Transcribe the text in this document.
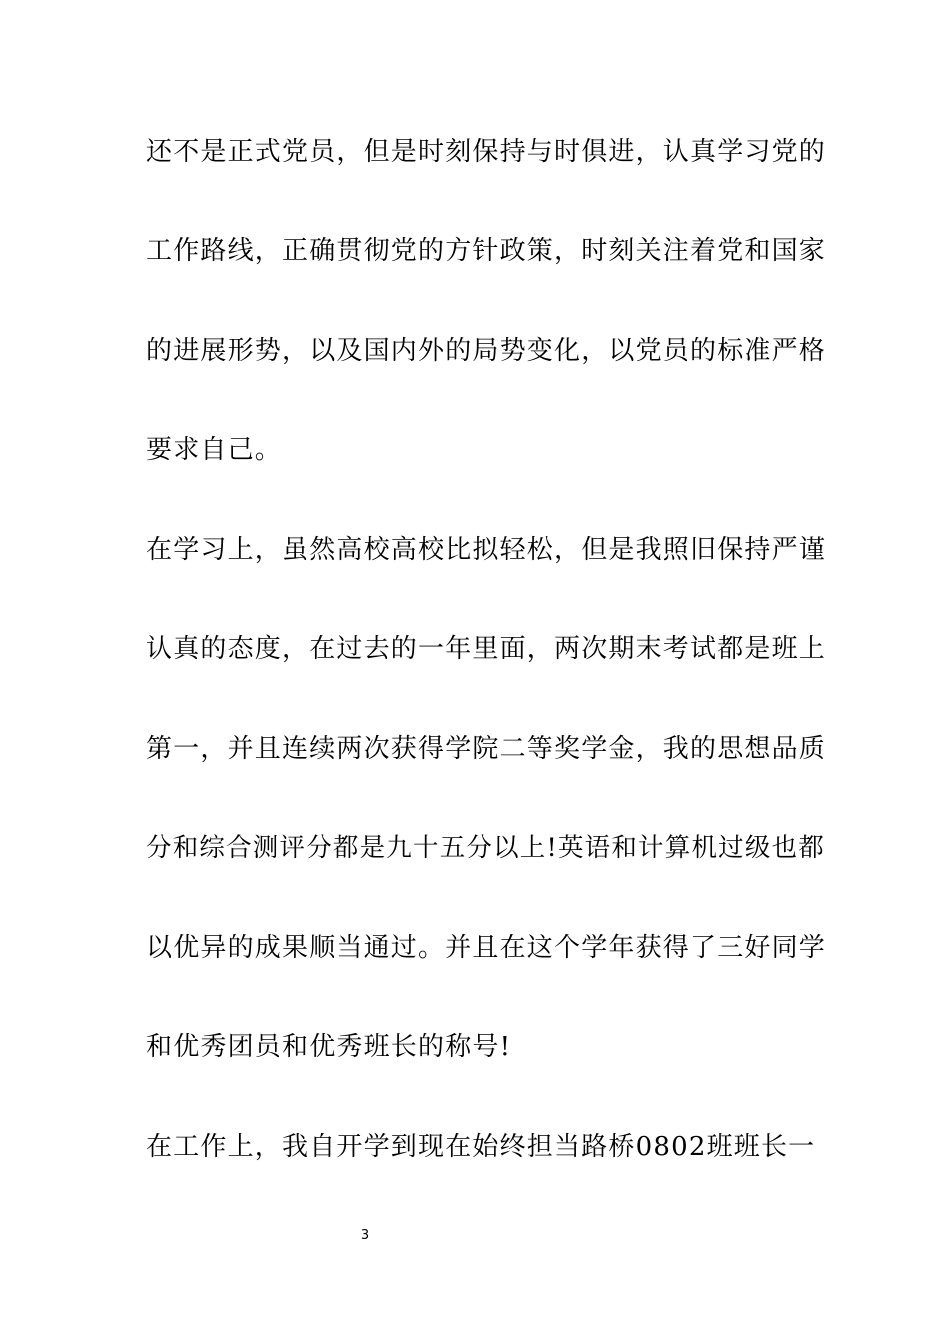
还不是正式党员，但是时刻保持与时俱进，认真学习党的
工作路线，正确贯彻党的方针政策，时刻关注着党和国家
的进展形势，以及国内外的局势变化，以党员的标准严格
要求自己。
在学习上，虽然高校高校比拟轻松，但是我照旧保持严谨
认真的态度，在过去的一年里面，两次期末考试都是班上
第一，并且连续两次获得学院二等奖学金，我的思想品质
分和综合测评分都是九十五分以上!英语和计算机过级也都
以优异的成果顺当通过。并且在这个学年获得了三好同学
和优秀团员和优秀班长的称号!
在工作上，我自开学到现在始终担当路桥0802班班长一
3
